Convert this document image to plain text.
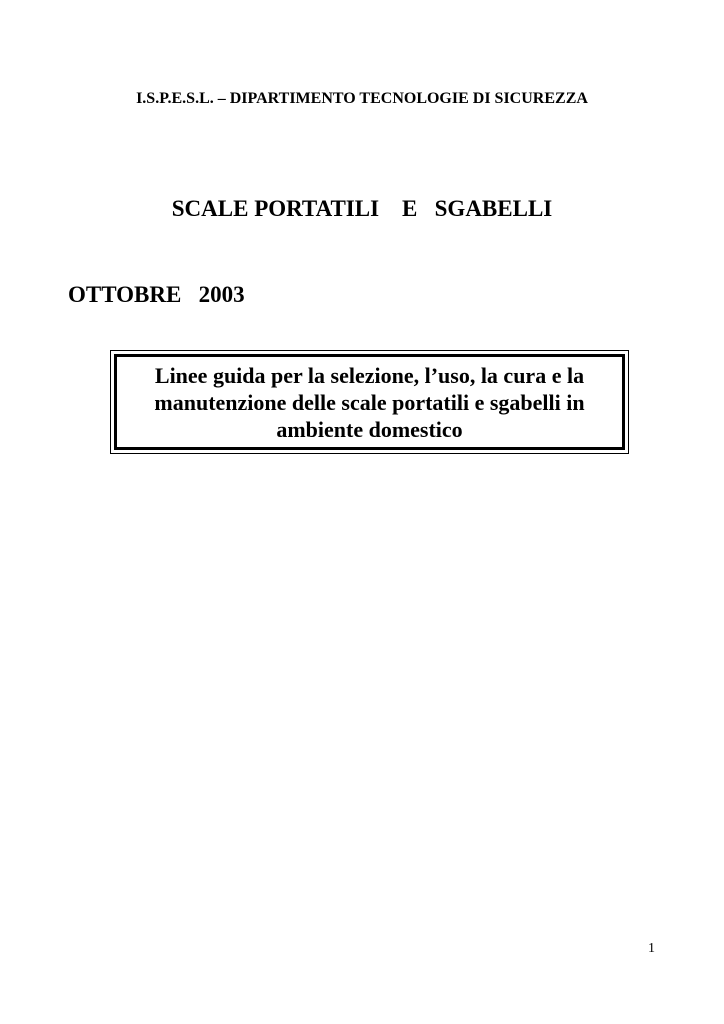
I.S.P.E.S.L. – DIPARTIMENTO TECNOLOGIE DI SICUREZZA
SCALE PORTATILI    E   SGABELLI
OTTOBRE   2003

Linee guida per la selezione, l’uso, la cura e la
manutenzione delle scale portatili e sgabelli in
ambiente domestico

1
